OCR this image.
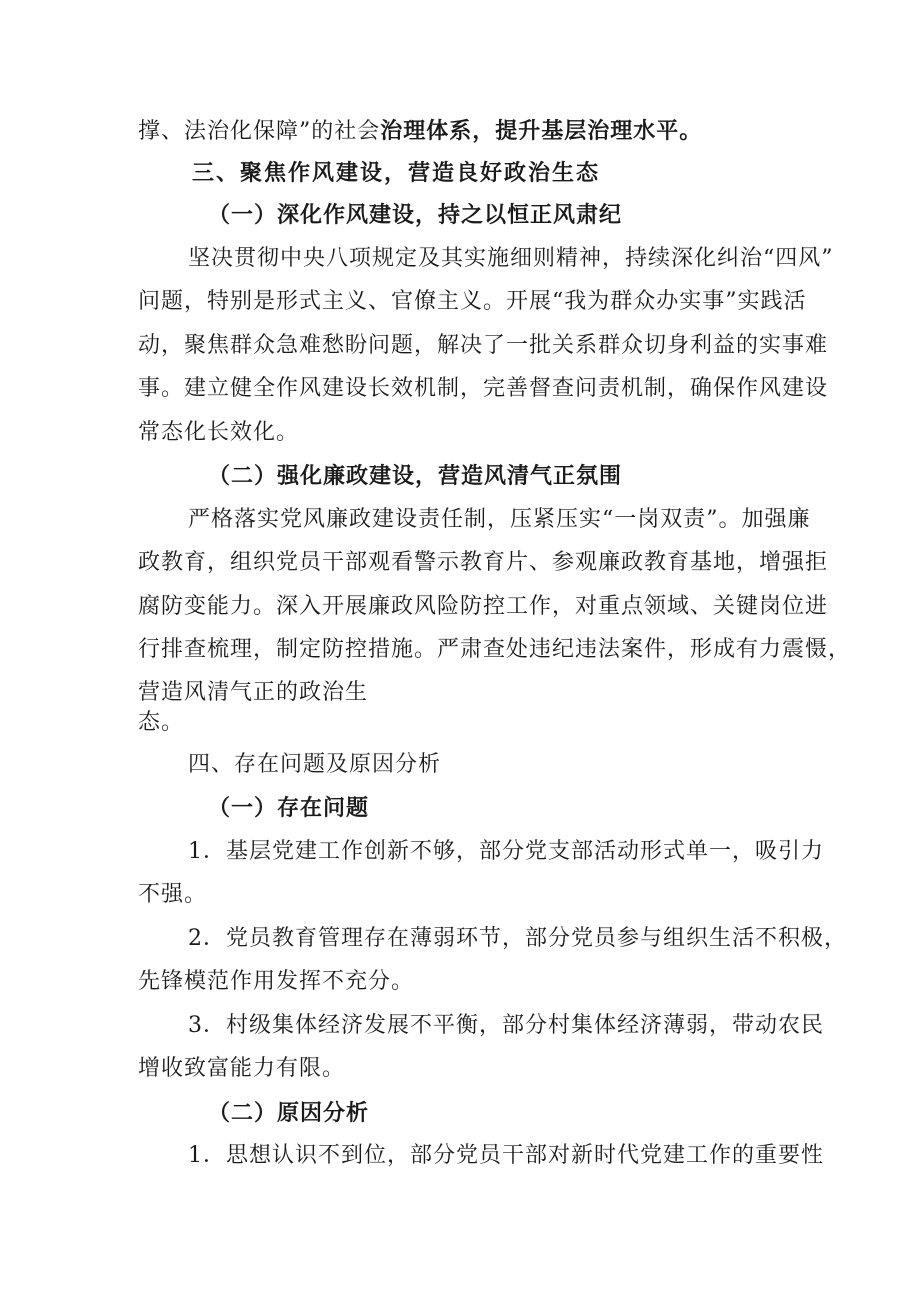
撑、法治化保障”的社会治理体系，提升基层治理水平。
三、聚焦作风建设，营造良好政治生态
（一）深化作风建设，持之以恒正风肃纪
坚决贯彻中央八项规定及其实施细则精神，持续深化纠治“四风”
问题，特别是形式主义、官僚主义。开展“我为群众办实事”实践活
动，聚焦群众急难愁盼问题，解决了一批关系群众切身利益的实事难
事。建立健全作风建设长效机制，完善督查问责机制，确保作风建设
常态化长效化。
（二）强化廉政建设，营造风清气正氛围
严格落实党风廉政建设责任制，压紧压实“一岗双责”。加强廉
政教育，组织党员干部观看警示教育片、参观廉政教育基地，增强拒
腐防变能力。深入开展廉政风险防控工作，对重点领域、关键岗位进
行排查梳理，制定防控措施。严肃查处违纪违法案件，形成有力震慑，
营造风清气正的政治生
态。
四、存在问题及原因分析
（一）存在问题
1．基层党建工作创新不够，部分党支部活动形式单一，吸引力
不强。
2．党员教育管理存在薄弱环节，部分党员参与组织生活不积极，
先锋模范作用发挥不充分。
3．村级集体经济发展不平衡，部分村集体经济薄弱，带动农民
增收致富能力有限。
（二）原因分析
1．思想认识不到位，部分党员干部对新时代党建工作的重要性
